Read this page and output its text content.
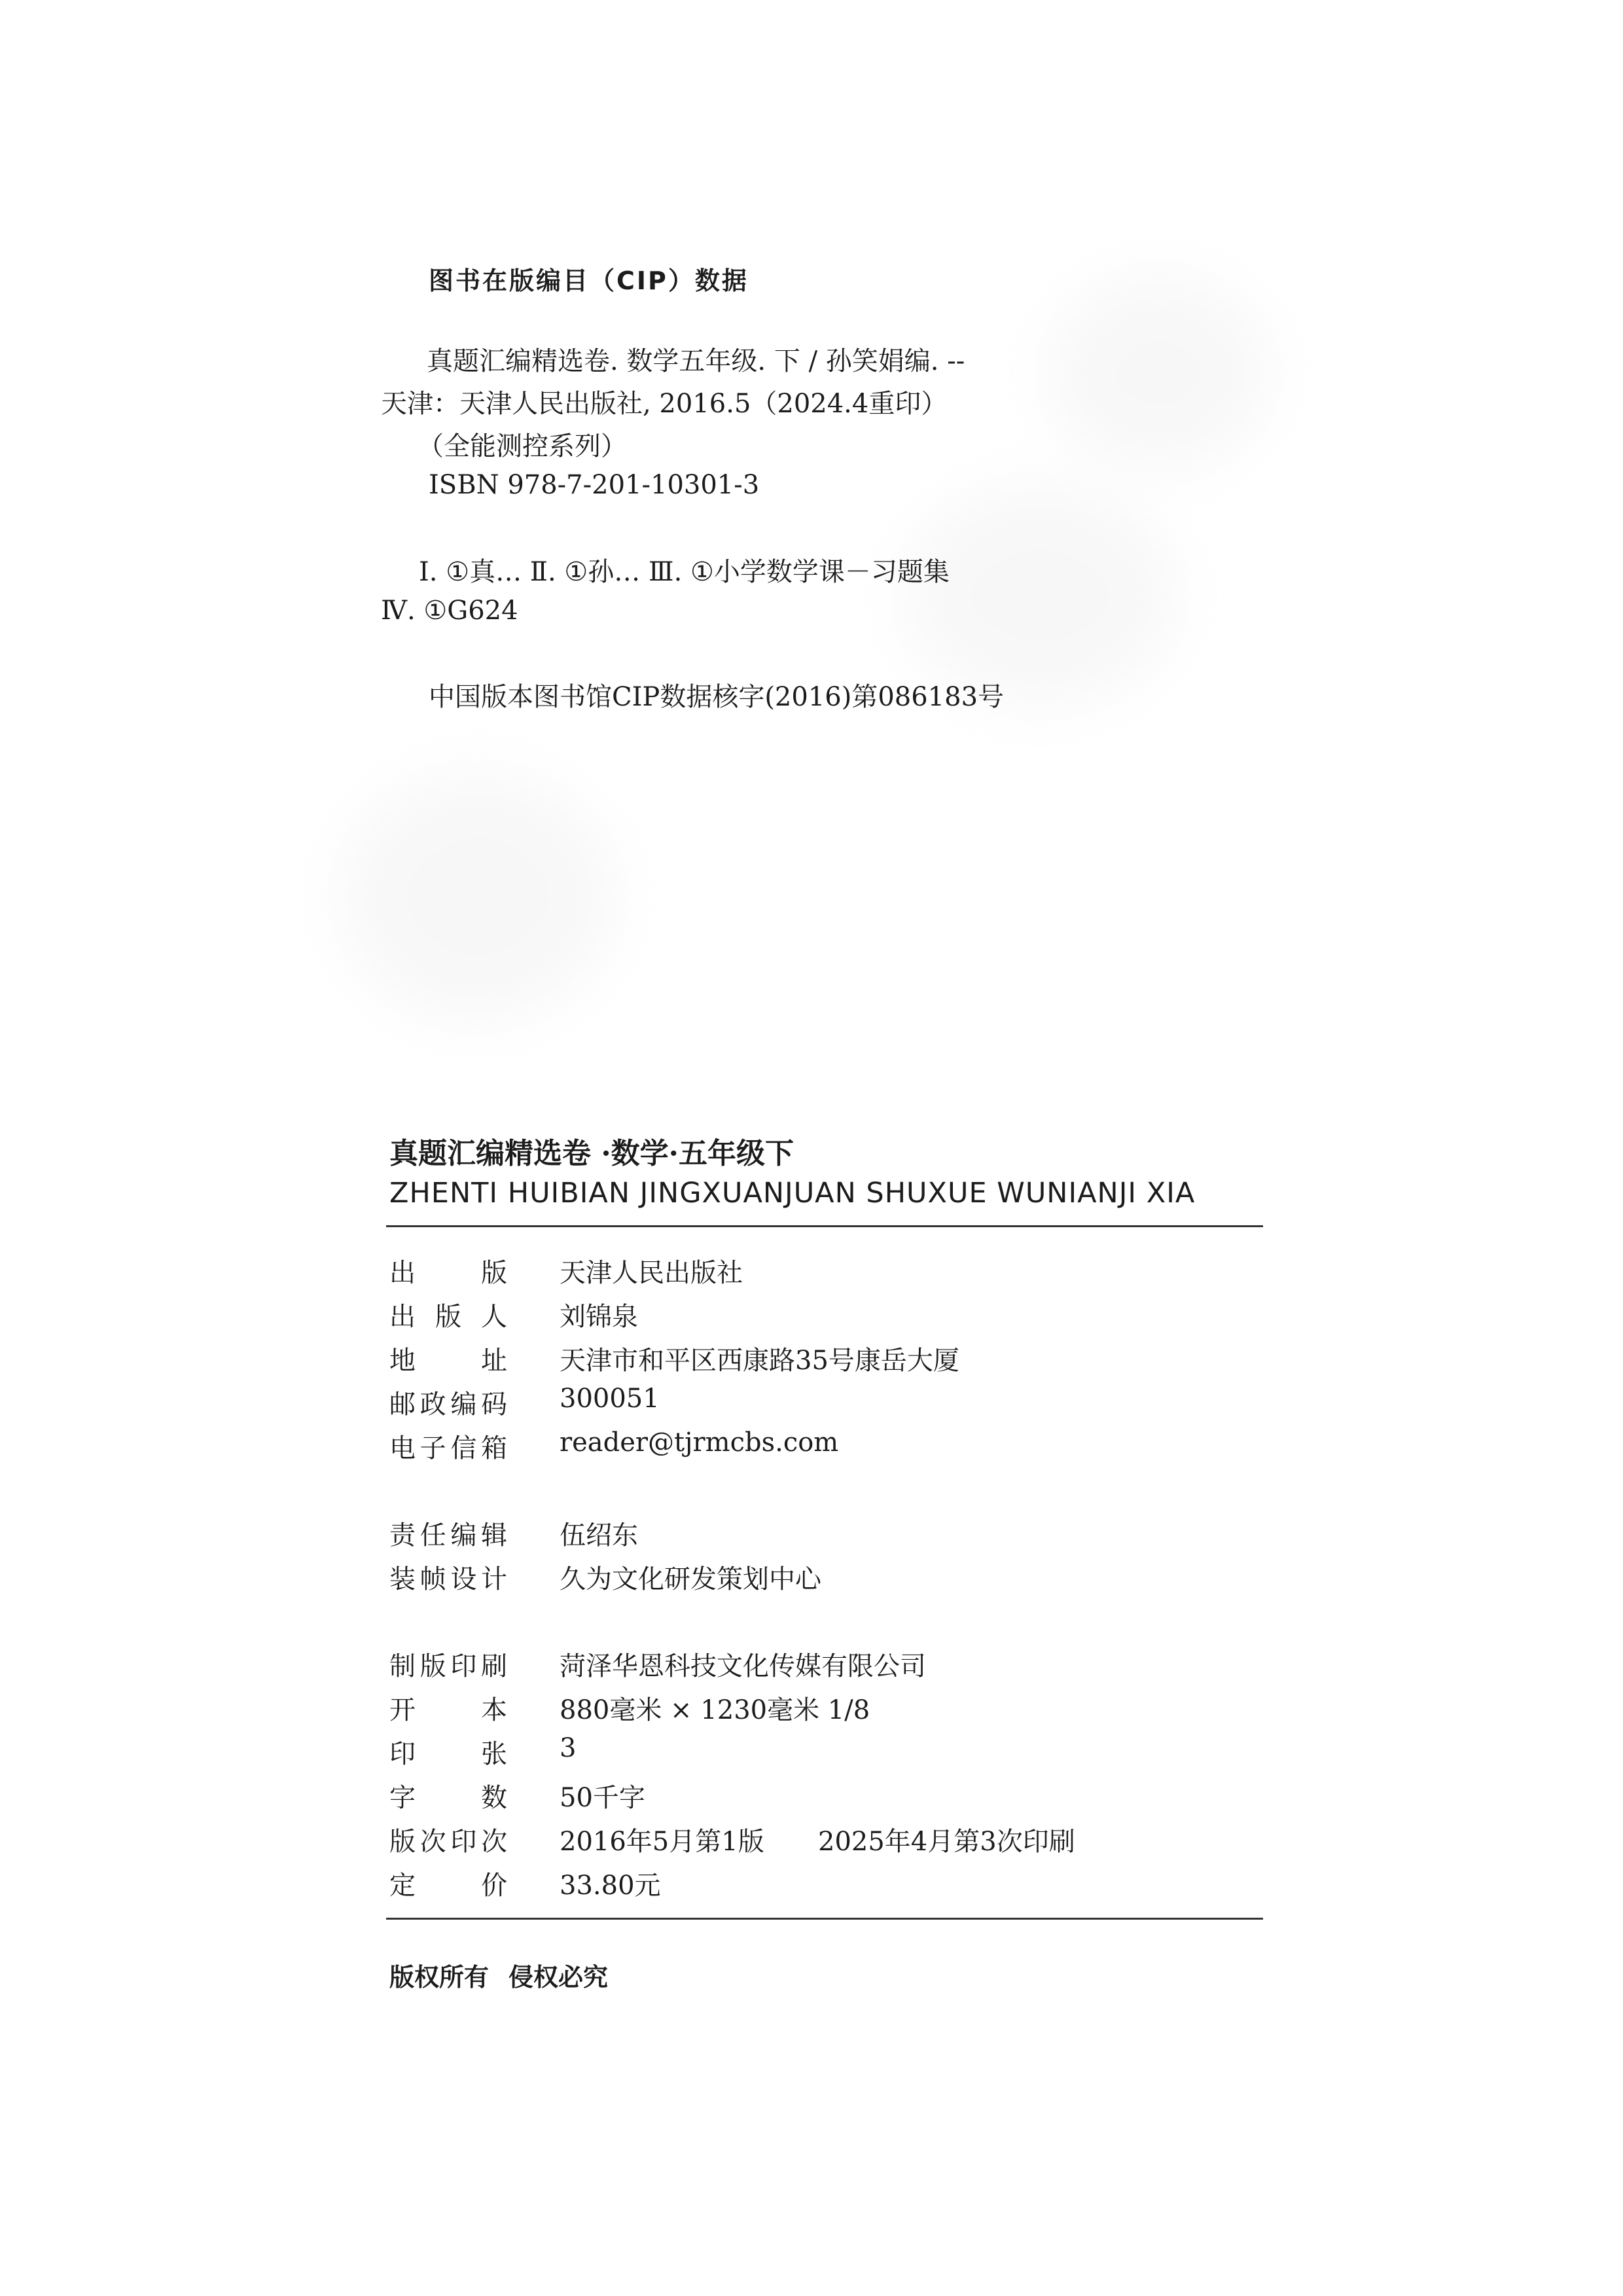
图书在版编目（CIP）数据
真题汇编精选卷. 数学五年级. 下 / 孙笑娟编. --
天津：天津人民出版社, 2016.5（2024.4重印）
（全能测控系列）
ISBN 978-7-201-10301-3
Ⅰ. ①真… Ⅱ. ①孙… Ⅲ. ①小学数学课－习题集
Ⅳ. ①G624
中国版本图书馆CIP数据核字(2016)第086183号
真题汇编精选卷 ·数学·五年级下
ZHENTI HUIBIAN JINGXUANJUAN SHUXUE WUNIANJI XIA
出版 天津人民出版社
出版人 刘锦泉
地址 天津市和平区西康路35号康岳大厦
邮政编码 300051
电子信箱 reader@tjrmcbs.com
责任编辑 伍绍东
装帧设计 久为文化研发策划中心
制版印刷 菏泽华恩科技文化传媒有限公司
开本 880毫米 × 1230毫米 1/8
印张 3
字数 50千字
版次印次 2016年5月第1版 2025年4月第3次印刷
定价 33.80元
版权所有 侵权必究
